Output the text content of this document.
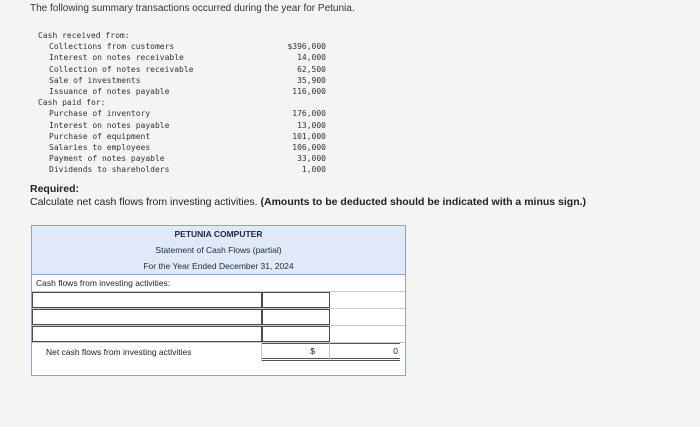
The following summary transactions occurred during the year for Petunia.
Cash received from:
Collections from customers	$396,000
Interest on notes receivable	14,000
Collection of notes receivable	62,500
Sale of investments	35,900
Issuance of notes payable	116,000
Cash paid for:
Purchase of inventory	176,000
Interest on notes payable	13,000
Purchase of equipment	101,000
Salaries to employees	106,000
Payment of notes payable	33,000
Dividends to shareholders	1,000
Required:
Calculate net cash flows from investing activities. (Amounts to be deducted should be indicated with a minus sign.)
PETUNIA COMPUTER
Statement of Cash Flows (partial)
For the Year Ended December 31, 2024
Cash flows from investing activities:
Net cash flows from investing activities	$	0
